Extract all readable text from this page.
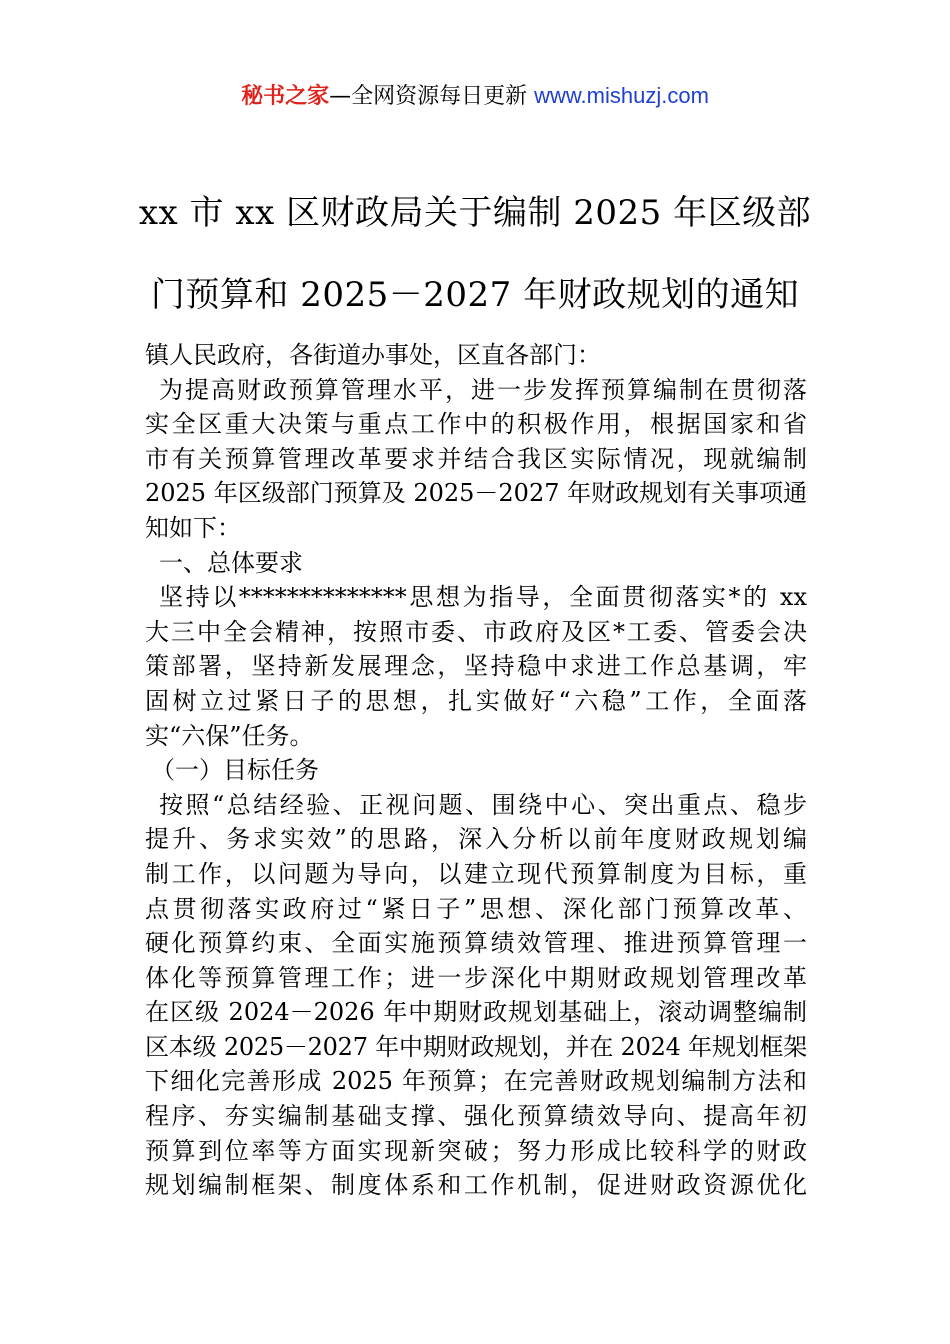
秘书之家—全网资源每日更新 www.mishuzj.com
xx 市 xx 区财政局关于编制 2025 年区级部
门预算和 2025－2027 年财政规划的通知
镇人民政府，各街道办事处，区直各部门：
为提高财政预算管理水平，进一步发挥预算编制在贯彻落
实全区重大决策与重点工作中的积极作用，根据国家和省
市有关预算管理改革要求并结合我区实际情况，现就编制
2025 年区级部门预算及 2025－2027 年财政规划有关事项通
知如下：
一、总体要求
坚持以**************思想为指导，全面贯彻落实*的 xx
大三中全会精神，按照市委、市政府及区*工委、管委会决
策部署，坚持新发展理念，坚持稳中求进工作总基调，牢
固树立过紧日子的思想，扎实做好“六稳”工作，全面落
实“六保”任务。
（一）目标任务
按照“总结经验、正视问题、围绕中心、突出重点、稳步
提升、务求实效”的思路，深入分析以前年度财政规划编
制工作，以问题为导向，以建立现代预算制度为目标，重
点贯彻落实政府过“紧日子”思想、深化部门预算改革、
硬化预算约束、全面实施预算绩效管理、推进预算管理一
体化等预算管理工作；进一步深化中期财政规划管理改革
在区级 2024－2026 年中期财政规划基础上，滚动调整编制
区本级 2025－2027 年中期财政规划，并在 2024 年规划框架
下细化完善形成 2025 年预算；在完善财政规划编制方法和
程序、夯实编制基础支撑、强化预算绩效导向、提高年初
预算到位率等方面实现新突破；努力形成比较科学的财政
规划编制框架、制度体系和工作机制，促进财政资源优化
